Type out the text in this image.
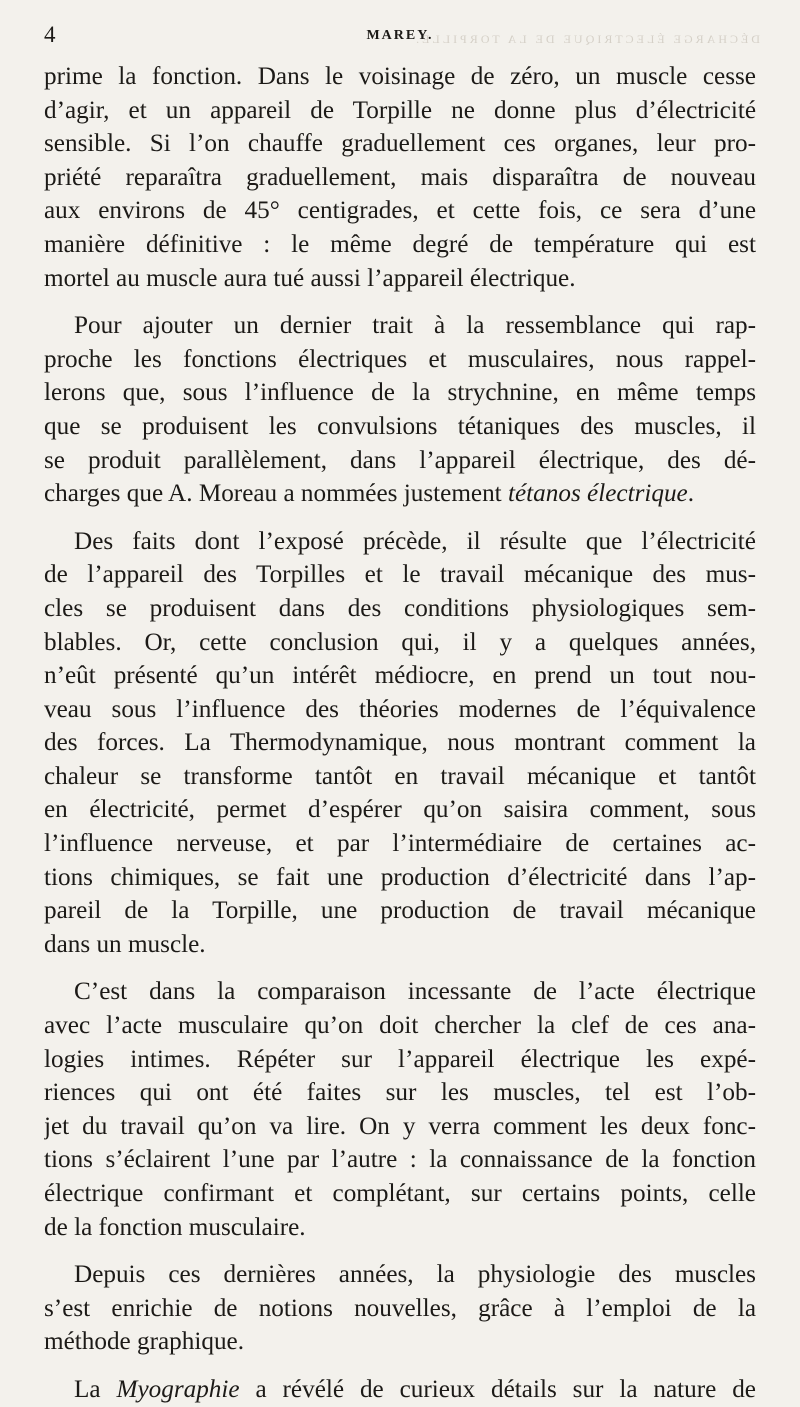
DÉCHARGE ÉLECTRIQUE DE LA TORPILLE.
4	MAREY.
prime la fonction. Dans le voisinage de zéro, un muscle cesse
d’agir, et un appareil de Torpille ne donne plus d’électricité
sensible. Si l’on chauffe graduellement ces organes, leur pro-
priété reparaîtra graduellement, mais disparaîtra de nouveau
aux environs de 45° centigrades, et cette fois, ce sera d’une
manière définitive : le même degré de température qui est
mortel au muscle aura tué aussi l’appareil électrique.
Pour ajouter un dernier trait à la ressemblance qui rap-
proche les fonctions électriques et musculaires, nous rappel-
lerons que, sous l’influence de la strychnine, en même temps
que se produisent les convulsions tétaniques des muscles, il
se produit parallèlement, dans l’appareil électrique, des dé-
charges que A. Moreau a nommées justement tétanos électrique.
Des faits dont l’exposé précède, il résulte que l’électricité
de l’appareil des Torpilles et le travail mécanique des mus-
cles se produisent dans des conditions physiologiques sem-
blables. Or, cette conclusion qui, il y a quelques années,
n’eût présenté qu’un intérêt médiocre, en prend un tout nou-
veau sous l’influence des théories modernes de l’équivalence
des forces. La Thermodynamique, nous montrant comment la
chaleur se transforme tantôt en travail mécanique et tantôt
en électricité, permet d’espérer qu’on saisira comment, sous
l’influence nerveuse, et par l’intermédiaire de certaines ac-
tions chimiques, se fait une production d’électricité dans l’ap-
pareil de la Torpille, une production de travail mécanique
dans un muscle.
C’est dans la comparaison incessante de l’acte électrique
avec l’acte musculaire qu’on doit chercher la clef de ces ana-
logies intimes. Répéter sur l’appareil électrique les expé-
riences qui ont été faites sur les muscles, tel est l’ob-
jet du travail qu’on va lire. On y verra comment les deux fonc-
tions s’éclairent l’une par l’autre : la connaissance de la fonction
électrique confirmant et complétant, sur certains points, celle
de la fonction musculaire.
Depuis ces dernières années, la physiologie des muscles
s’est enrichie de notions nouvelles, grâce à l’emploi de la
méthode graphique.
La Myographie a révélé de curieux détails sur la nature de
